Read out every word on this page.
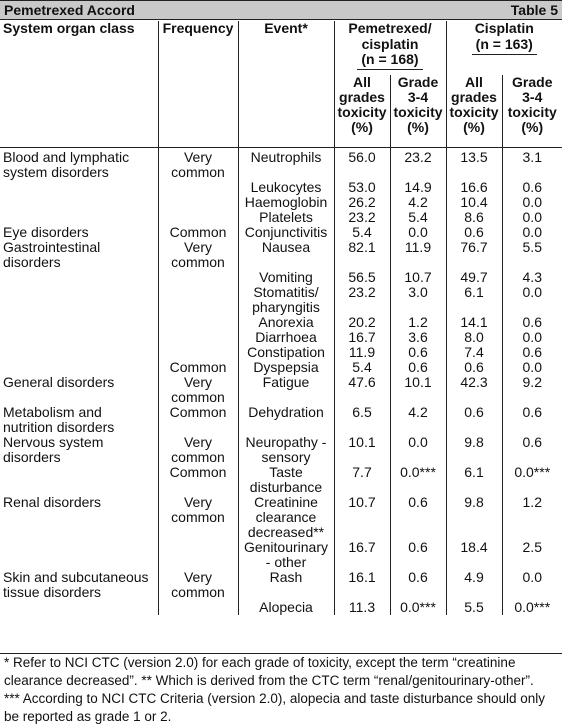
Pemetrexed Accord	Table 5
System organ class	Frequency	Event*	Pemetrexed/
cisplatin
(n = 168)		Cisplatin
(n = 163)	
			All
grades
toxicity
(%)	Grade
3-4
toxicity
(%)	All
grades
toxicity
(%)	Grade
3-4
toxicity
(%)
Blood and lymphatic
system disorders	Very
common	Neutrophils	56.0	23.2	13.5	3.1
		Leukocytes	53.0	14.9	16.6	0.6
		Haemoglobin	26.2	4.2	10.4	0.0
		Platelets	23.2	5.4	8.6	0.0
Eye disorders	Common	Conjunctivitis	5.4	0.0	0.6	0.0
Gastrointestinal
disorders	Very
common	Nausea	82.1	11.9	76.7	5.5
		Vomiting	56.5	10.7	49.7	4.3
		Stomatitis/
pharyngitis	23.2	3.0	6.1	0.0
		Anorexia	20.2	1.2	14.1	0.6
		Diarrhoea	16.7	3.6	8.0	0.0
		Constipation	11.9	0.6	7.4	0.6
	Common	Dyspepsia	5.4	0.6	0.6	0.0
General disorders	Very
common	Fatigue	47.6	10.1	42.3	9.2
Metabolism and
nutrition disorders	Common	Dehydration	6.5	4.2	0.6	0.6
Nervous system
disorders	Very
common	Neuropathy -
sensory	10.1	0.0	9.8	0.6
	Common	Taste
disturbance	7.7	0.0***	6.1	0.0***
Renal disorders	Very
common	Creatinine
clearance
decreased**	10.7	0.6	9.8	1.2
		Genitourinary
- other	16.7	0.6	18.4	2.5
Skin and subcutaneous
tissue disorders	Very
common	Rash	16.1	0.6	4.9	0.0
		Alopecia	11.3	0.0***	5.5	0.0***

* Refer to NCI CTC (version 2.0) for each grade of toxicity, except the term “creatinine clearance decreased”. ** Which is derived from the CTC term “renal/genitourinary-other”.

*** According to NCI CTC Criteria (version 2.0), alopecia and taste disturbance should only be reported as grade 1 or 2.
